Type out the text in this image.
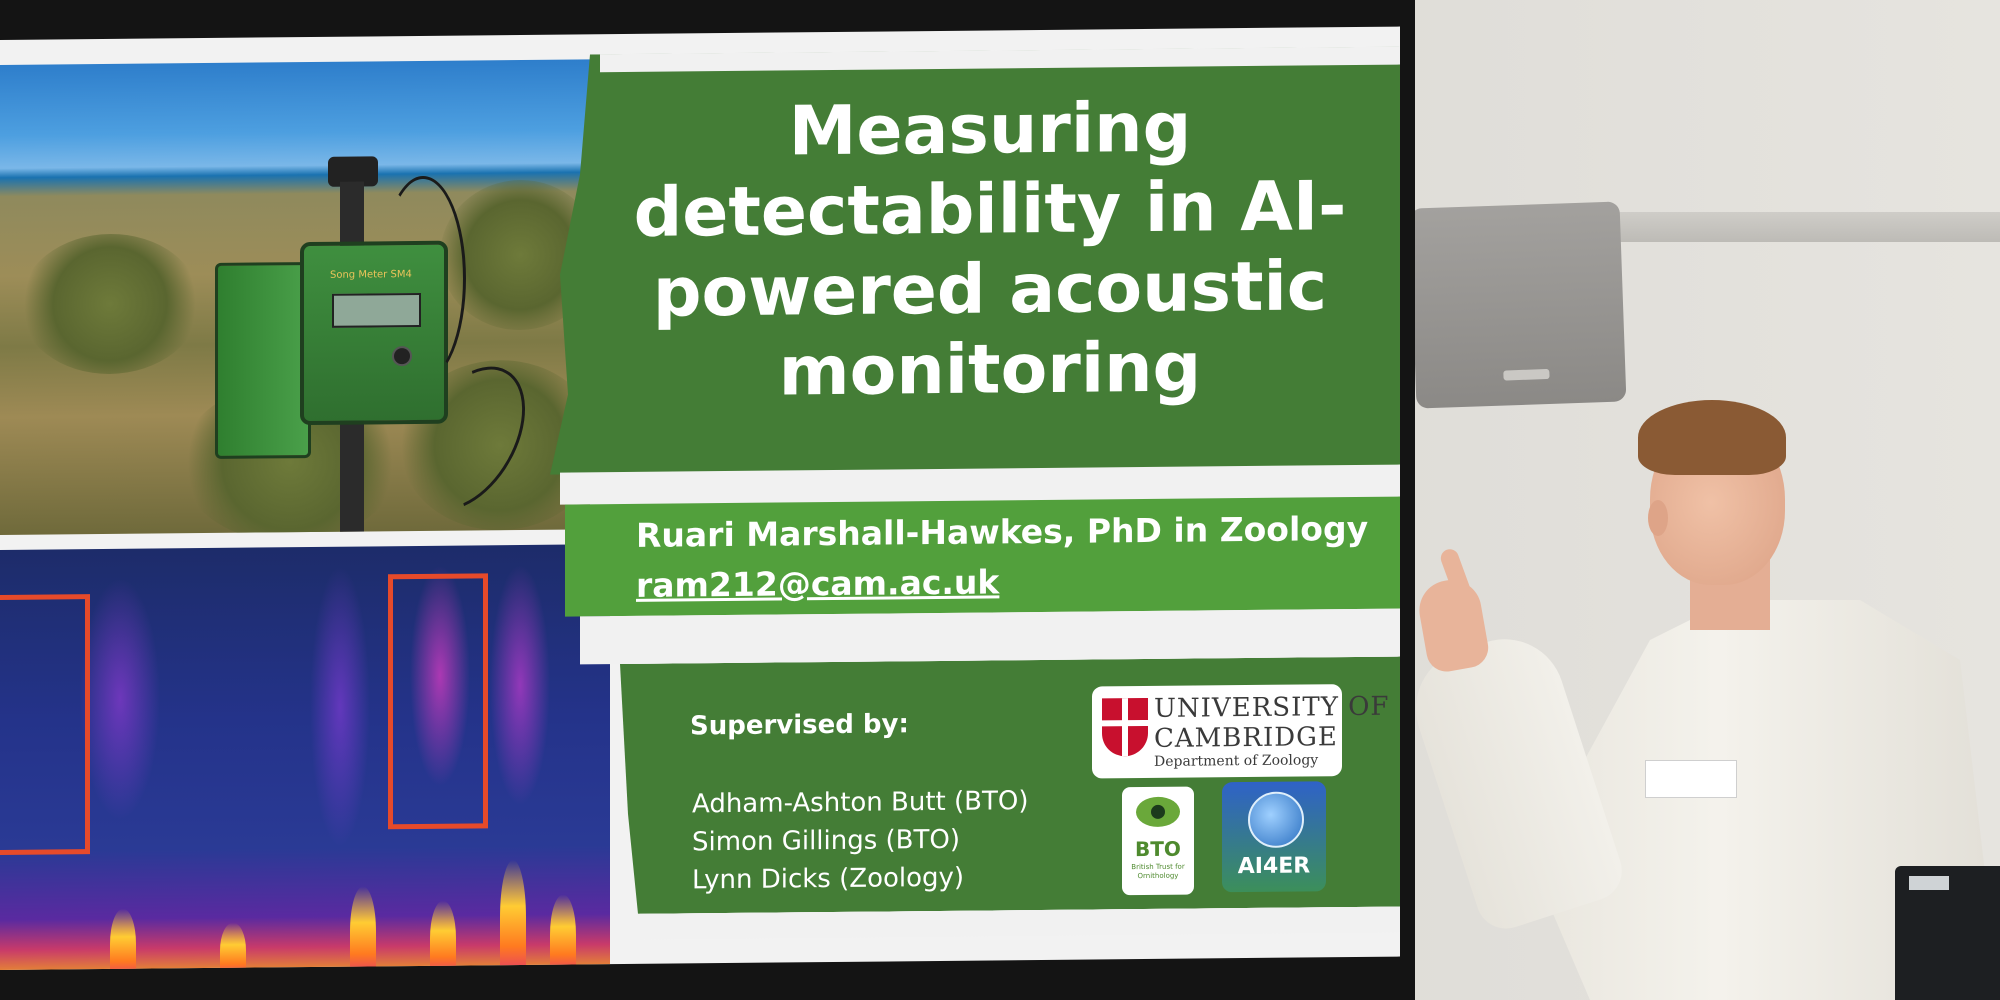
Song Meter SM4
Measuring
detectability in AI-
powered acoustic
monitoring
Ruari Marshall-Hawkes, PhD in Zoology
ram212@cam.ac.uk
Supervised by:
Adham-Ashton Butt (BTO)
Simon Gillings (BTO)
Lynn Dicks (Zoology)
UNIVERSITY OF
CAMBRIDGE
Department of Zoology
BTO
British Trust for
Ornithology	AI4ER
